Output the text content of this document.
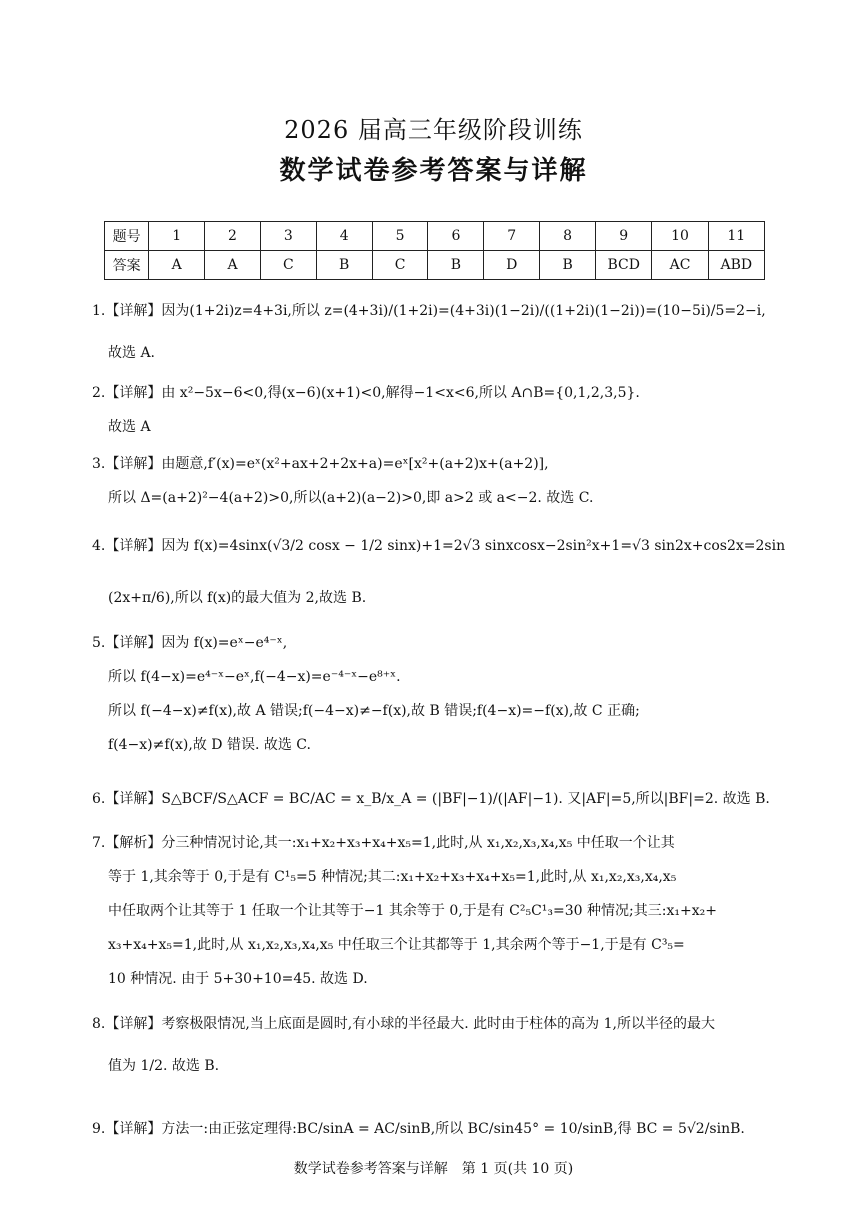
2026 届高三年级阶段训练
数学试卷参考答案与详解
题号	1	2	3	4	5	6	7	8	9	10	11
答案	A	A	C	B	C	B	D	B	BCD	AC	ABD
1.【详解】因为(1+2i)z=4+3i,所以 z=(4+3i)/(1+2i)=(4+3i)(1−2i)/((1+2i)(1−2i))=(10−5i)/5=2−i,
故选 A.
2.【详解】由 x²−5x−6<0,得(x−6)(x+1)<0,解得−1<x<6,所以 A∩B={0,1,2,3,5}.
故选 A
3.【详解】由题意,f′(x)=eˣ(x²+ax+2+2x+a)=eˣ[x²+(a+2)x+(a+2)],
所以 Δ=(a+2)²−4(a+2)>0,所以(a+2)(a−2)>0,即 a>2 或 a<−2. 故选 C.
4.【详解】因为 f(x)=4sinx(√3/2 cosx − 1/2 sinx)+1=2√3 sinxcosx−2sin²x+1=√3 sin2x+cos2x=2sin
(2x+π/6),所以 f(x)的最大值为 2,故选 B.
5.【详解】因为 f(x)=eˣ−e⁴⁻ˣ,
所以 f(4−x)=e⁴⁻ˣ−eˣ,f(−4−x)=e⁻⁴⁻ˣ−e⁸⁺ˣ.
所以 f(−4−x)≠f(x),故 A 错误;f(−4−x)≠−f(x),故 B 错误;f(4−x)=−f(x),故 C 正确;
f(4−x)≠f(x),故 D 错误. 故选 C.
6.【详解】S△BCF/S△ACF = BC/AC = x_B/x_A = (|BF|−1)/(|AF|−1). 又|AF|=5,所以|BF|=2. 故选 B.
7.【解析】分三种情况讨论,其一:x₁+x₂+x₃+x₄+x₅=1,此时,从 x₁,x₂,x₃,x₄,x₅ 中任取一个让其
等于 1,其余等于 0,于是有 C¹₅=5 种情况;其二:x₁+x₂+x₃+x₄+x₅=1,此时,从 x₁,x₂,x₃,x₄,x₅
中任取两个让其等于 1 任取一个让其等于−1 其余等于 0,于是有 C²₅C¹₃=30 种情况;其三:x₁+x₂+
x₃+x₄+x₅=1,此时,从 x₁,x₂,x₃,x₄,x₅ 中任取三个让其都等于 1,其余两个等于−1,于是有 C³₅=
10 种情况. 由于 5+30+10=45. 故选 D.
8.【详解】考察极限情况,当上底面是圆时,有小球的半径最大. 此时由于柱体的高为 1,所以半径的最大
值为 1/2. 故选 B.
9.【详解】方法一:由正弦定理得:BC/sinA = AC/sinB,所以 BC/sin45° = 10/sinB,得 BC = 5√2/sinB.
数学试卷参考答案与详解　第 1 页(共 10 页)
